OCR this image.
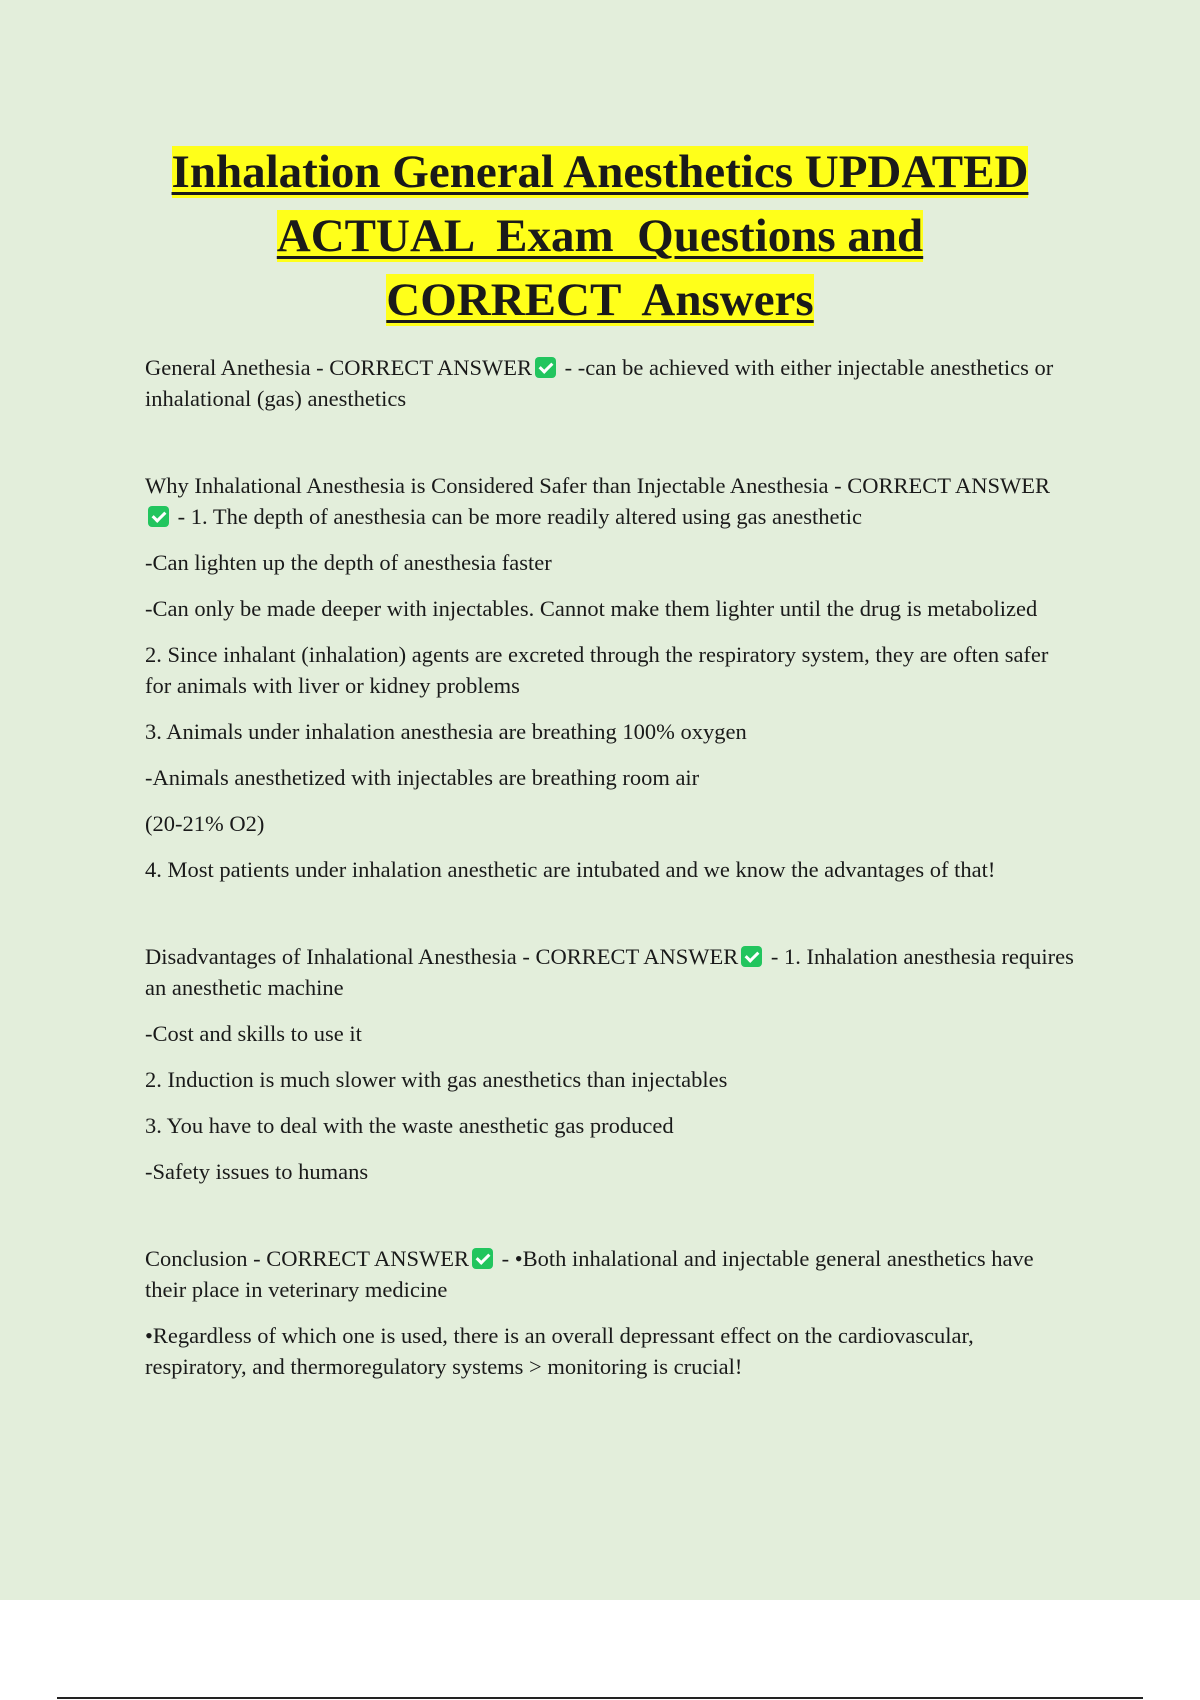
Inhalation General Anesthetics UPDATED
ACTUAL  Exam  Questions and
CORRECT  Answers

General Anethesia - CORRECT ANSWER - -can be achieved with either injectable anesthetics or inhalational (gas) anesthetics

Why Inhalational Anesthesia is Considered Safer than Injectable Anesthesia - CORRECT ANSWER - 1. The depth of anesthesia can be more readily altered using gas anesthetic

-Can lighten up the depth of anesthesia faster

-Can only be made deeper with injectables. Cannot make them lighter until the drug is metabolized

2. Since inhalant (inhalation) agents are excreted through the respiratory system, they are often safer for animals with liver or kidney problems

3. Animals under inhalation anesthesia are breathing 100% oxygen

-Animals anesthetized with injectables are breathing room air

(20-21% O2)

4. Most patients under inhalation anesthetic are intubated and we know the advantages of that!

Disadvantages of Inhalational Anesthesia - CORRECT ANSWER - 1. Inhalation anesthesia requires an anesthetic machine

-Cost and skills to use it

2. Induction is much slower with gas anesthetics than injectables

3. You have to deal with the waste anesthetic gas produced

-Safety issues to humans

Conclusion - CORRECT ANSWER - •Both inhalational and injectable general anesthetics have their place in veterinary medicine

•Regardless of which one is used, there is an overall depressant effect on the cardiovascular, respiratory, and thermoregulatory systems > monitoring is crucial!
